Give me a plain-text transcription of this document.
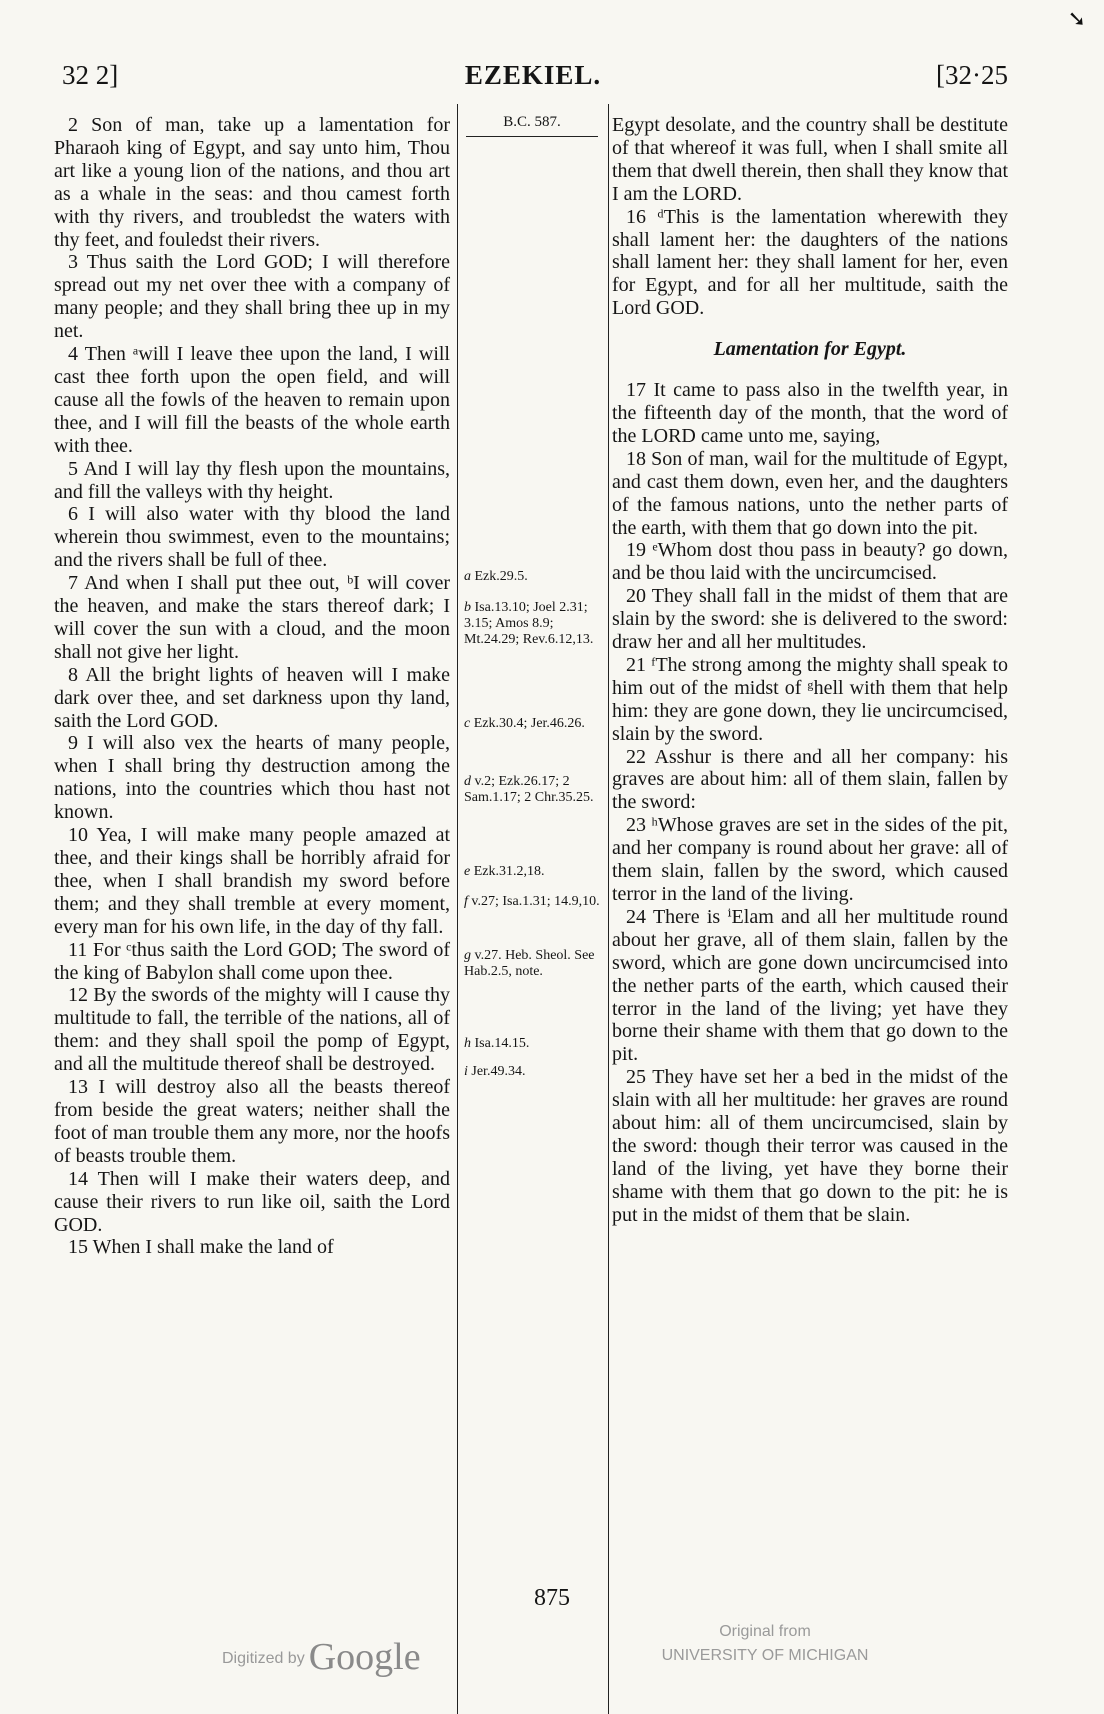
➘
32 2]	EZEKIEL.	[32·25

2 Son of man, take up a lamentation for Pharaoh king of Egypt, and say unto him, Thou art like a young lion of the nations, and thou art as a whale in the seas: and thou camest forth with thy rivers, and troubledst the waters with thy feet, and fouledst their rivers.

3 Thus saith the Lord GOD; I will therefore spread out my net over thee with a company of many people; and they shall bring thee up in my net.

4 Then ᵃwill I leave thee upon the land, I will cast thee forth upon the open field, and will cause all the fowls of the heaven to remain upon thee, and I will fill the beasts of the whole earth with thee.

5 And I will lay thy flesh upon the mountains, and fill the valleys with thy height.

6 I will also water with thy blood the land wherein thou swimmest, even to the mountains; and the rivers shall be full of thee.

7 And when I shall put thee out, ᵇI will cover the heaven, and make the stars thereof dark; I will cover the sun with a cloud, and the moon shall not give her light.

8 All the bright lights of heaven will I make dark over thee, and set darkness upon thy land, saith the Lord GOD.

9 I will also vex the hearts of many people, when I shall bring thy destruction among the nations, into the countries which thou hast not known.

10 Yea, I will make many people amazed at thee, and their kings shall be horribly afraid for thee, when I shall brandish my sword before them; and they shall tremble at every moment, every man for his own life, in the day of thy fall.

11 For ᶜthus saith the Lord GOD; The sword of the king of Babylon shall come upon thee.

12 By the swords of the mighty will I cause thy multitude to fall, the terrible of the nations, all of them: and they shall spoil the pomp of Egypt, and all the multitude thereof shall be destroyed.

13 I will destroy also all the beasts thereof from beside the great waters; neither shall the foot of man trouble them any more, nor the hoofs of beasts trouble them.

14 Then will I make their waters deep, and cause their rivers to run like oil, saith the Lord GOD.

15 When I shall make the land of

B.C. 587.
a Ezk.29.5.
b Isa.13.10; Joel 2.31; 3.15; Amos 8.9; Mt.24.29; Rev.6.12,13.
c Ezk.30.4; Jer.46.26.
d v.2; Ezk.26.17; 2 Sam.1.17; 2 Chr.35.25.
e Ezk.31.2,18.
f v.27; Isa.1.31; 14.9,10.
g v.27. Heb. Sheol. See Hab.2.5, note.
h Isa.14.15.
i Jer.49.34.

Egypt desolate, and the country shall be destitute of that whereof it was full, when I shall smite all them that dwell therein, then shall they know that I am the LORD.

16 ᵈThis is the lamentation wherewith they shall lament her: the daughters of the nations shall lament her: they shall lament for her, even for Egypt, and for all her multitude, saith the Lord GOD.

Lamentation for Egypt.

17 It came to pass also in the twelfth year, in the fifteenth day of the month, that the word of the LORD came unto me, saying,

18 Son of man, wail for the multitude of Egypt, and cast them down, even her, and the daughters of the famous nations, unto the nether parts of the earth, with them that go down into the pit.

19 ᵉWhom dost thou pass in beauty? go down, and be thou laid with the uncircumcised.

20 They shall fall in the midst of them that are slain by the sword: she is delivered to the sword: draw her and all her multitudes.

21 ᶠThe strong among the mighty shall speak to him out of the midst of ᵍhell with them that help him: they are gone down, they lie uncircumcised, slain by the sword.

22 Asshur is there and all her company: his graves are about him: all of them slain, fallen by the sword:

23 ʰWhose graves are set in the sides of the pit, and her company is round about her grave: all of them slain, fallen by the sword, which caused terror in the land of the living.

24 There is ⁱElam and all her multitude round about her grave, all of them slain, fallen by the sword, which are gone down uncircumcised into the nether parts of the earth, which caused their terror in the land of the living; yet have they borne their shame with them that go down to the pit.

25 They have set her a bed in the midst of the slain with all her multitude: her graves are round about him: all of them uncircumcised, slain by the sword: though their terror was caused in the land of the living, yet have they borne their shame with them that go down to the pit: he is put in the midst of them that be slain.

875
Digitized by Google
Original from
UNIVERSITY OF MICHIGAN
